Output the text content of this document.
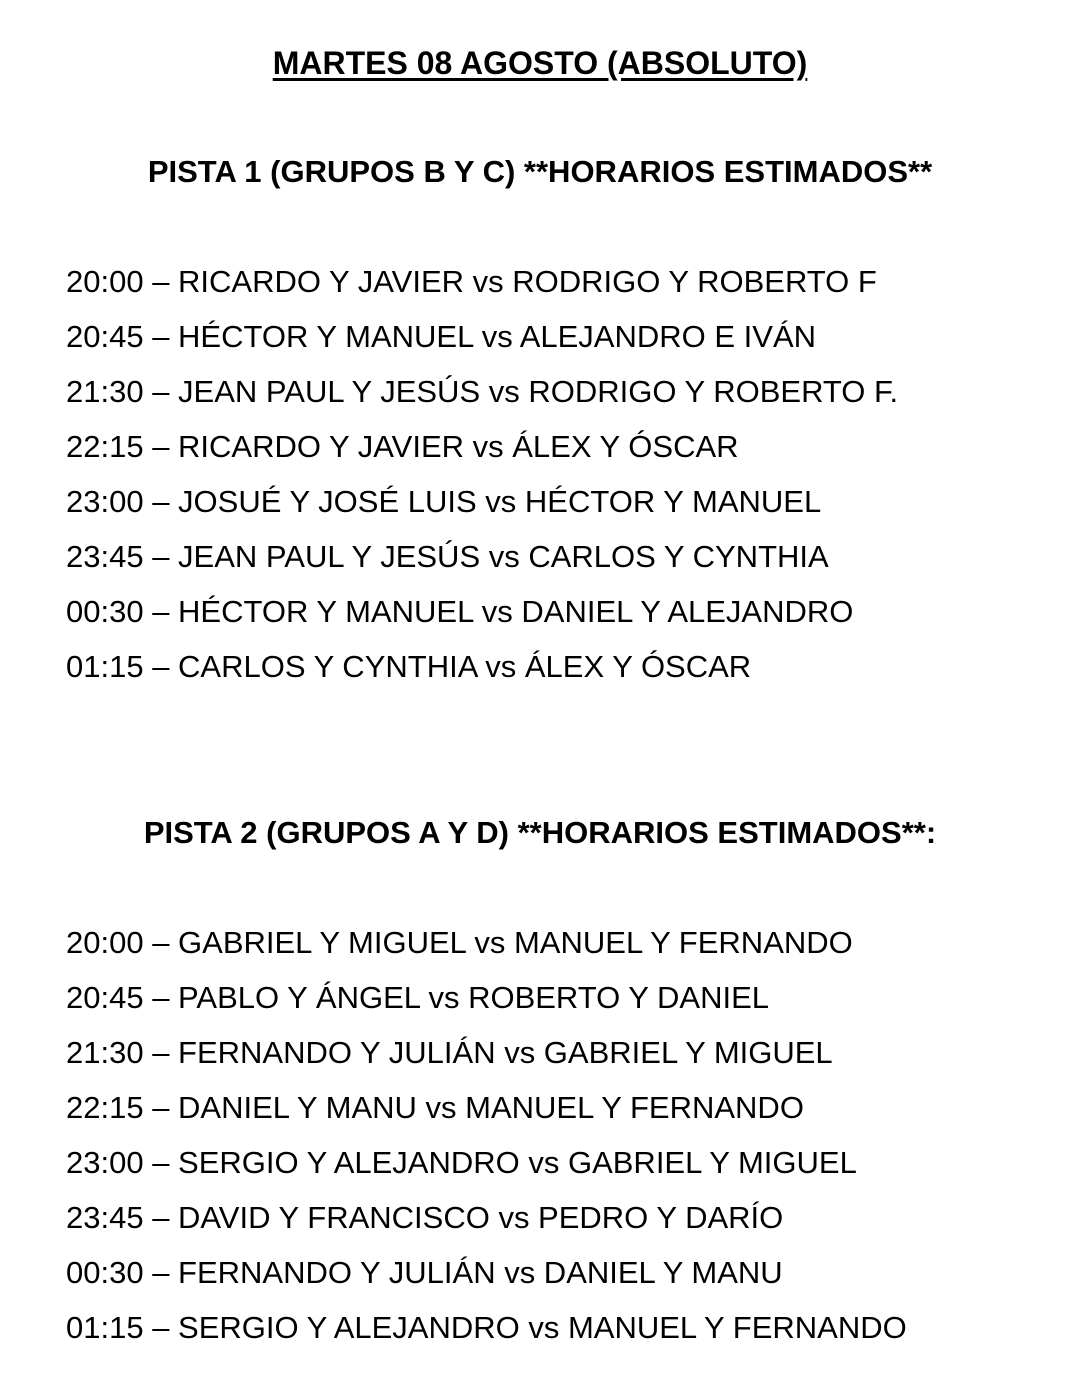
MARTES 08 AGOSTO (ABSOLUTO)
PISTA 1 (GRUPOS B Y C) **HORARIOS ESTIMADOS**
20:00 – RICARDO Y JAVIER vs RODRIGO Y ROBERTO F
20:45 – HÉCTOR Y MANUEL vs ALEJANDRO E IVÁN
21:30 – JEAN PAUL Y JESÚS vs RODRIGO Y ROBERTO F.
22:15 – RICARDO Y JAVIER vs ÁLEX Y ÓSCAR
23:00 – JOSUÉ Y JOSÉ LUIS vs HÉCTOR Y MANUEL
23:45 – JEAN PAUL Y JESÚS vs CARLOS Y CYNTHIA
00:30 – HÉCTOR Y MANUEL vs DANIEL Y ALEJANDRO
01:15 – CARLOS Y CYNTHIA vs ÁLEX Y ÓSCAR
PISTA 2 (GRUPOS A Y D) **HORARIOS ESTIMADOS**:
20:00 – GABRIEL Y MIGUEL vs MANUEL Y FERNANDO
20:45 – PABLO Y ÁNGEL vs ROBERTO Y DANIEL
21:30 – FERNANDO Y JULIÁN vs GABRIEL Y MIGUEL
22:15 – DANIEL Y MANU vs MANUEL Y FERNANDO
23:00 – SERGIO Y ALEJANDRO vs GABRIEL Y MIGUEL
23:45 – DAVID Y FRANCISCO vs PEDRO Y DARÍO
00:30 – FERNANDO Y JULIÁN vs DANIEL Y MANU
01:15 – SERGIO Y ALEJANDRO vs MANUEL Y FERNANDO
